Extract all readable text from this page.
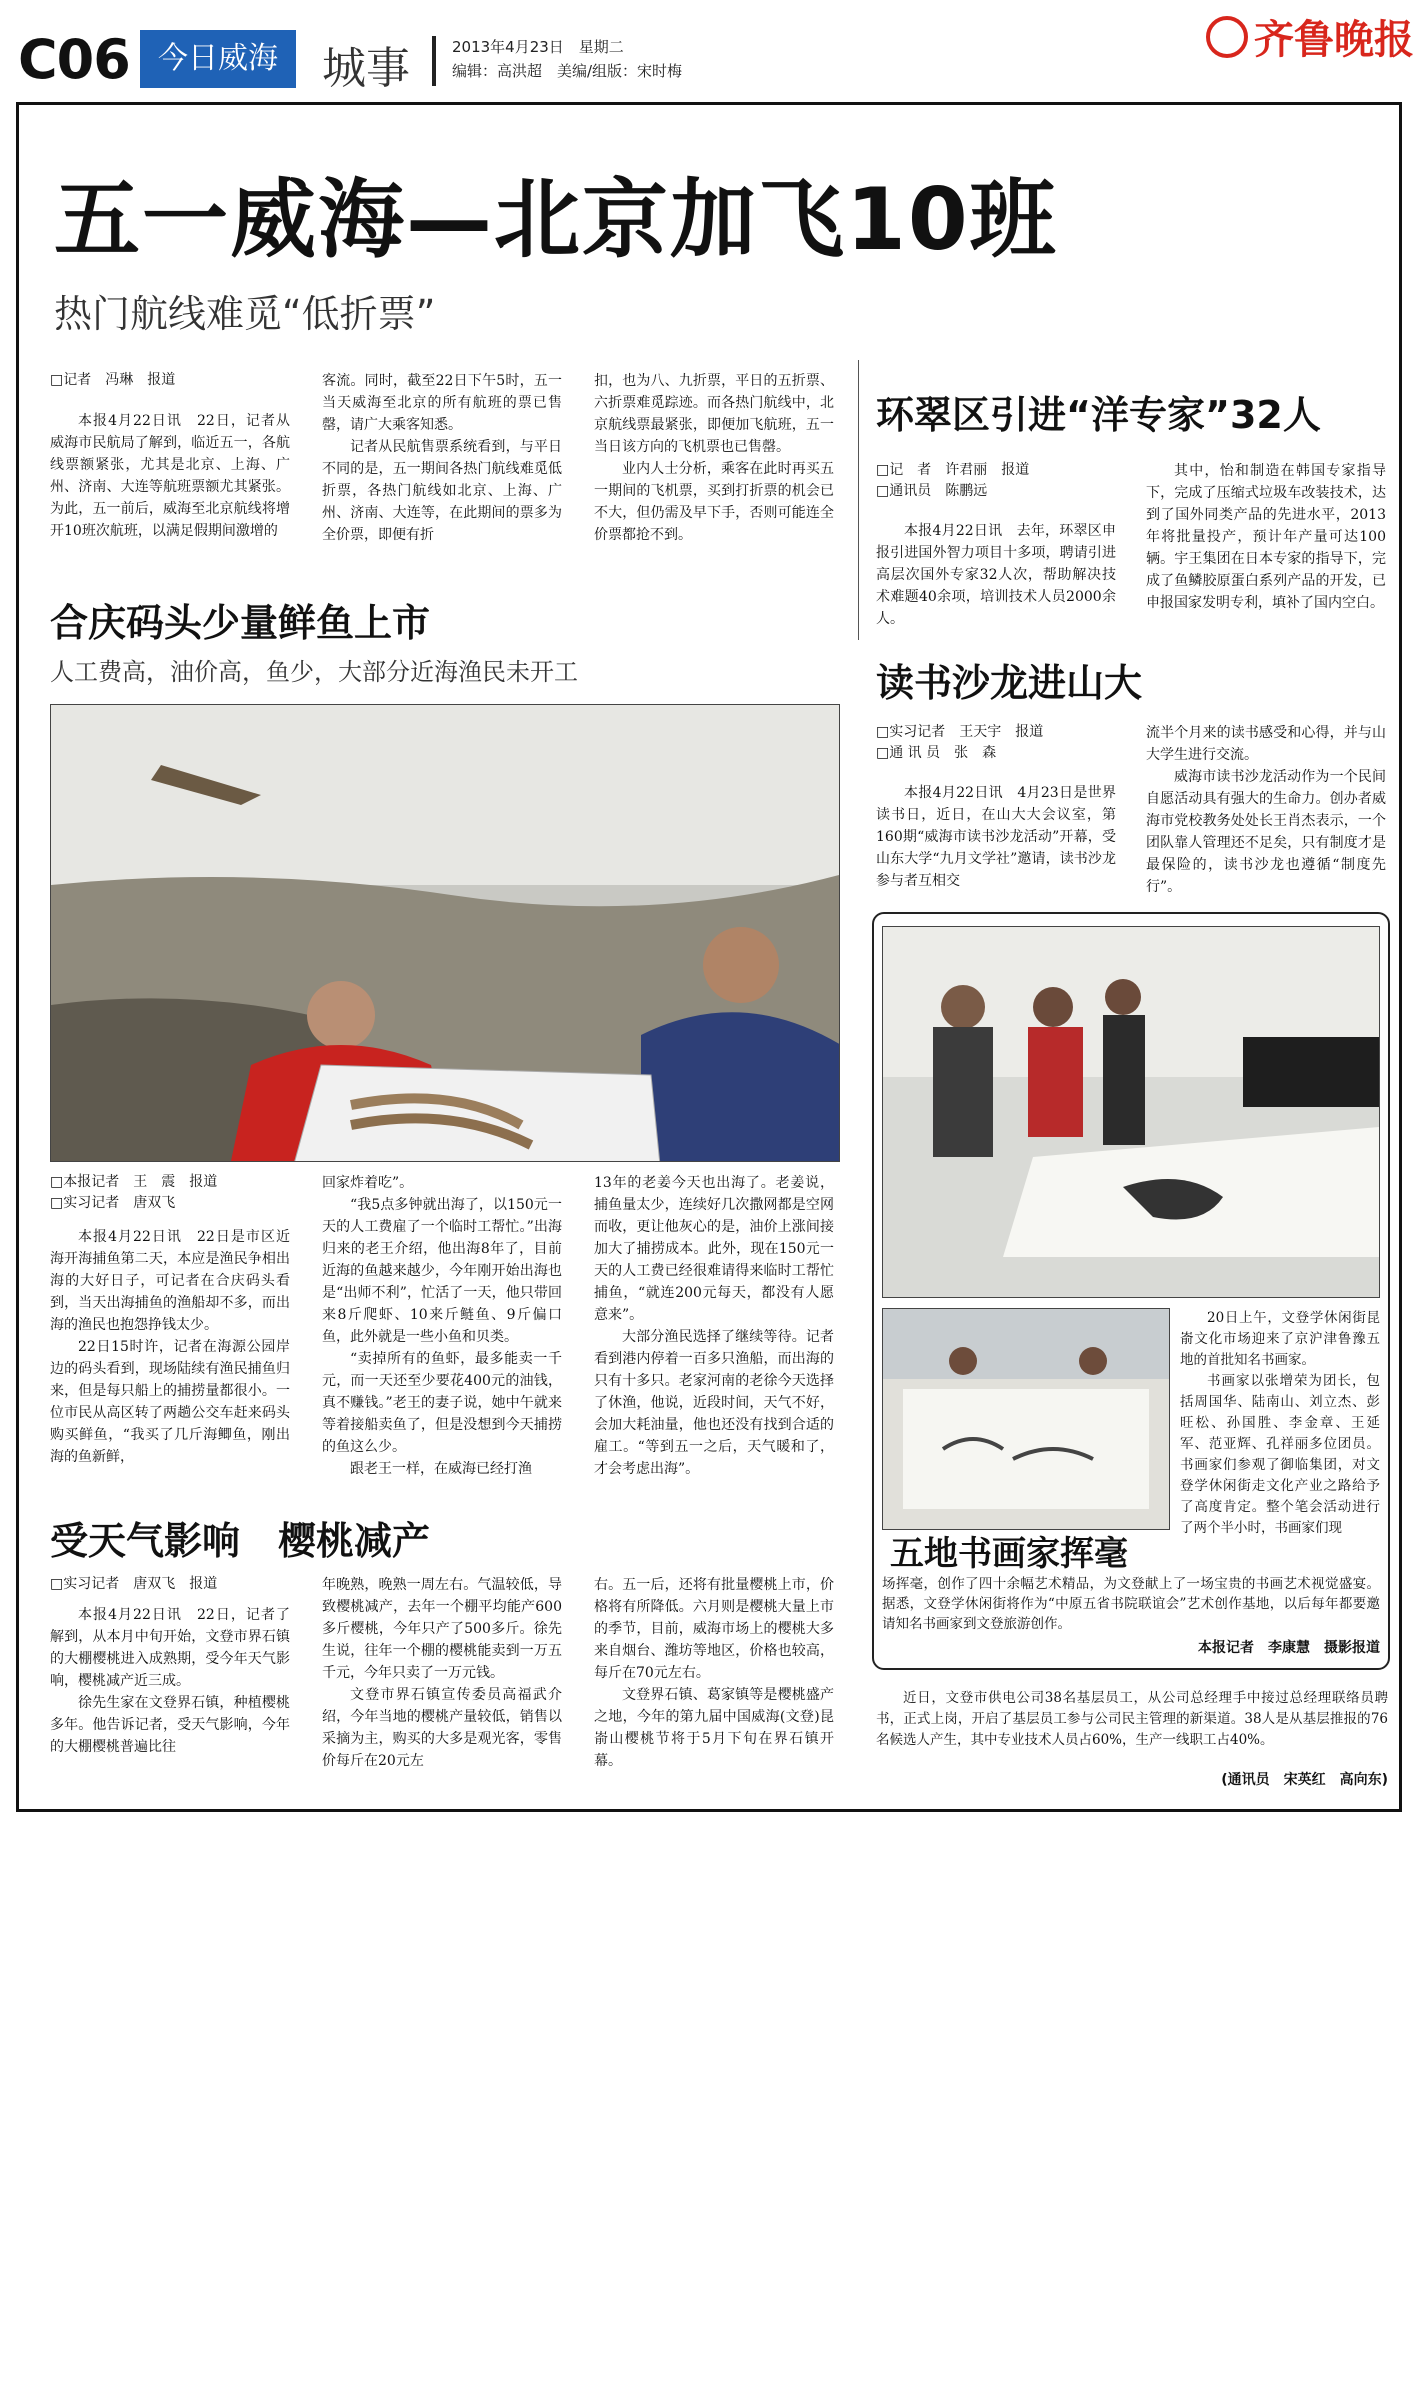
C06 今日威海	城事	2013年4月23日　星期二
编辑：高洪超　美编/组版：宋时梅
齐鲁晚报
五一威海—北京加飞10班
热门航线难觅“低折票”
□记者　冯琳　报道

本报4月22日讯　22日，记者从威海市民航局了解到，临近五一，各航线票额紧张，尤其是北京、上海、广州、济南、大连等航班票额尤其紧张。为此，五一前后，威海至北京航线将增开10班次航班，以满足假期间激增的

客流。同时，截至22日下午5时，五一当天威海至北京的所有航班的票已售罄，请广大乘客知悉。

记者从民航售票系统看到，与平日不同的是，五一期间各热门航线难觅低折票，各热门航线如北京、上海、广州、济南、大连等，在此期间的票多为全价票，即便有折

扣，也为八、九折票，平日的五折票、六折票难觅踪迹。而各热门航线中，北京航线票最紧张，即便加飞航班，五一当日该方向的飞机票也已售罄。

业内人士分析，乘客在此时再买五一期间的飞机票，买到打折票的机会已不大，但仍需及早下手，否则可能连全价票都抢不到。

环翠区引进“洋专家”32人
□记　者　许君丽　报道
□通讯员　陈鹏远

本报4月22日讯　去年，环翠区申报引进国外智力项目十多项，聘请引进高层次国外专家32人次，帮助解决技术难题40余项，培训技术人员2000余人。

其中，怡和制造在韩国专家指导下，完成了压缩式垃圾车改装技术，达到了国外同类产品的先进水平，2013年将批量投产，预计年产量可达100辆。宇王集团在日本专家的指导下，完成了鱼鳞胶原蛋白系列产品的开发，已申报国家发明专利，填补了国内空白。

读书沙龙进山大
□实习记者　王天宇　报道
□通 讯 员　张　森

本报4月22日讯　4月23日是世界读书日，近日，在山大大会议室，第160期“威海市读书沙龙活动”开幕，受山东大学“九月文学社”邀请，读书沙龙参与者互相交

流半个月来的读书感受和心得，并与山大学生进行交流。

威海市读书沙龙活动作为一个民间自愿活动具有强大的生命力。创办者威海市党校教务处处长王肖杰表示，一个团队靠人管理还不足矣，只有制度才是最保险的，读书沙龙也遵循“制度先行”。

合庆码头少量鲜鱼上市
人工费高，油价高，鱼少，大部分近海渔民未开工
□本报记者　王　震　报道
□实习记者　唐双飞

本报4月22日讯　22日是市区近海开海捕鱼第二天，本应是渔民争相出海的大好日子，可记者在合庆码头看到，当天出海捕鱼的渔船却不多，而出海的渔民也抱怨挣钱太少。

22日15时许，记者在海源公园岸边的码头看到，现场陆续有渔民捕鱼归来，但是每只船上的捕捞量都很小。一位市民从高区转了两趟公交车赶来码头购买鲜鱼，“我买了几斤海鲫鱼，刚出海的鱼新鲜，

回家炸着吃”。

“我5点多钟就出海了，以150元一天的人工费雇了一个临时工帮忙。”出海归来的老王介绍，他出海8年了，目前近海的鱼越来越少，今年刚开始出海也是“出师不利”，忙活了一天，他只带回来8斤爬虾、10来斤鲢鱼、9斤偏口鱼，此外就是一些小鱼和贝类。

“卖掉所有的鱼虾，最多能卖一千元，而一天还至少要花400元的油钱，真不赚钱。”老王的妻子说，她中午就来等着接船卖鱼了，但是没想到今天捕捞的鱼这么少。

跟老王一样，在威海已经打渔

13年的老姜今天也出海了。老姜说，捕鱼量太少，连续好几次撒网都是空网而收，更让他灰心的是，油价上涨间接加大了捕捞成本。此外，现在150元一天的人工费已经很难请得来临时工帮忙捕鱼，“就连200元每天，都没有人愿意来”。

大部分渔民选择了继续等待。记者看到港内停着一百多只渔船，而出海的只有十多只。老家河南的老徐今天选择了休渔，他说，近段时间，天气不好，会加大耗油量，他也还没有找到合适的雇工。“等到五一之后，天气暖和了，才会考虑出海”。

受天气影响　樱桃减产
□实习记者　唐双飞　报道

本报4月22日讯　22日，记者了解到，从本月中旬开始，文登市界石镇的大棚樱桃进入成熟期，受今年天气影响，樱桃减产近三成。

徐先生家在文登界石镇，种植樱桃多年。他告诉记者，受天气影响，今年的大棚樱桃普遍比往

年晚熟，晚熟一周左右。气温较低，导致樱桃减产，去年一个棚平均能产600多斤樱桃，今年只产了500多斤。徐先生说，往年一个棚的樱桃能卖到一万五千元，今年只卖了一万元钱。

文登市界石镇宣传委员高福武介绍，今年当地的樱桃产量较低，销售以采摘为主，购买的大多是观光客，零售价每斤在20元左

右。五一后，还将有批量樱桃上市，价格将有所降低。六月则是樱桃大量上市的季节，目前，威海市场上的樱桃大多来自烟台、潍坊等地区，价格也较高，每斤在70元左右。

文登界石镇、葛家镇等是樱桃盛产之地，今年的第九届中国威海(文登)昆嵛山樱桃节将于5月下旬在界石镇开幕。

20日上午，文登学休闲街昆嵛文化市场迎来了京沪津鲁豫五地的首批知名书画家。

书画家以张增荣为团长，包括周国华、陆南山、刘立杰、彭旺松、孙国胜、李金章、王延军、范亚辉、孔祥丽多位团员。书画家们参观了御临集团，对文登学休闲街走文化产业之路给予了高度肯定。整个笔会活动进行了两个半小时，书画家们现

五地书画家挥毫

场挥毫，创作了四十余幅艺术精品，为文登献上了一场宝贵的书画艺术视觉盛宴。据悉，文登学休闲街将作为“中原五省书院联谊会”艺术创作基地，以后每年都要邀请知名书画家到文登旅游创作。

本报记者　李康慧　摄影报道

近日，文登市供电公司38名基层员工，从公司总经理手中接过总经理联络员聘书，正式上岗，开启了基层员工参与公司民主管理的新渠道。38人是从基层推报的76名候选人产生，其中专业技术人员占60%，生产一线职工占40%。

(通讯员　宋英红　高向东)
